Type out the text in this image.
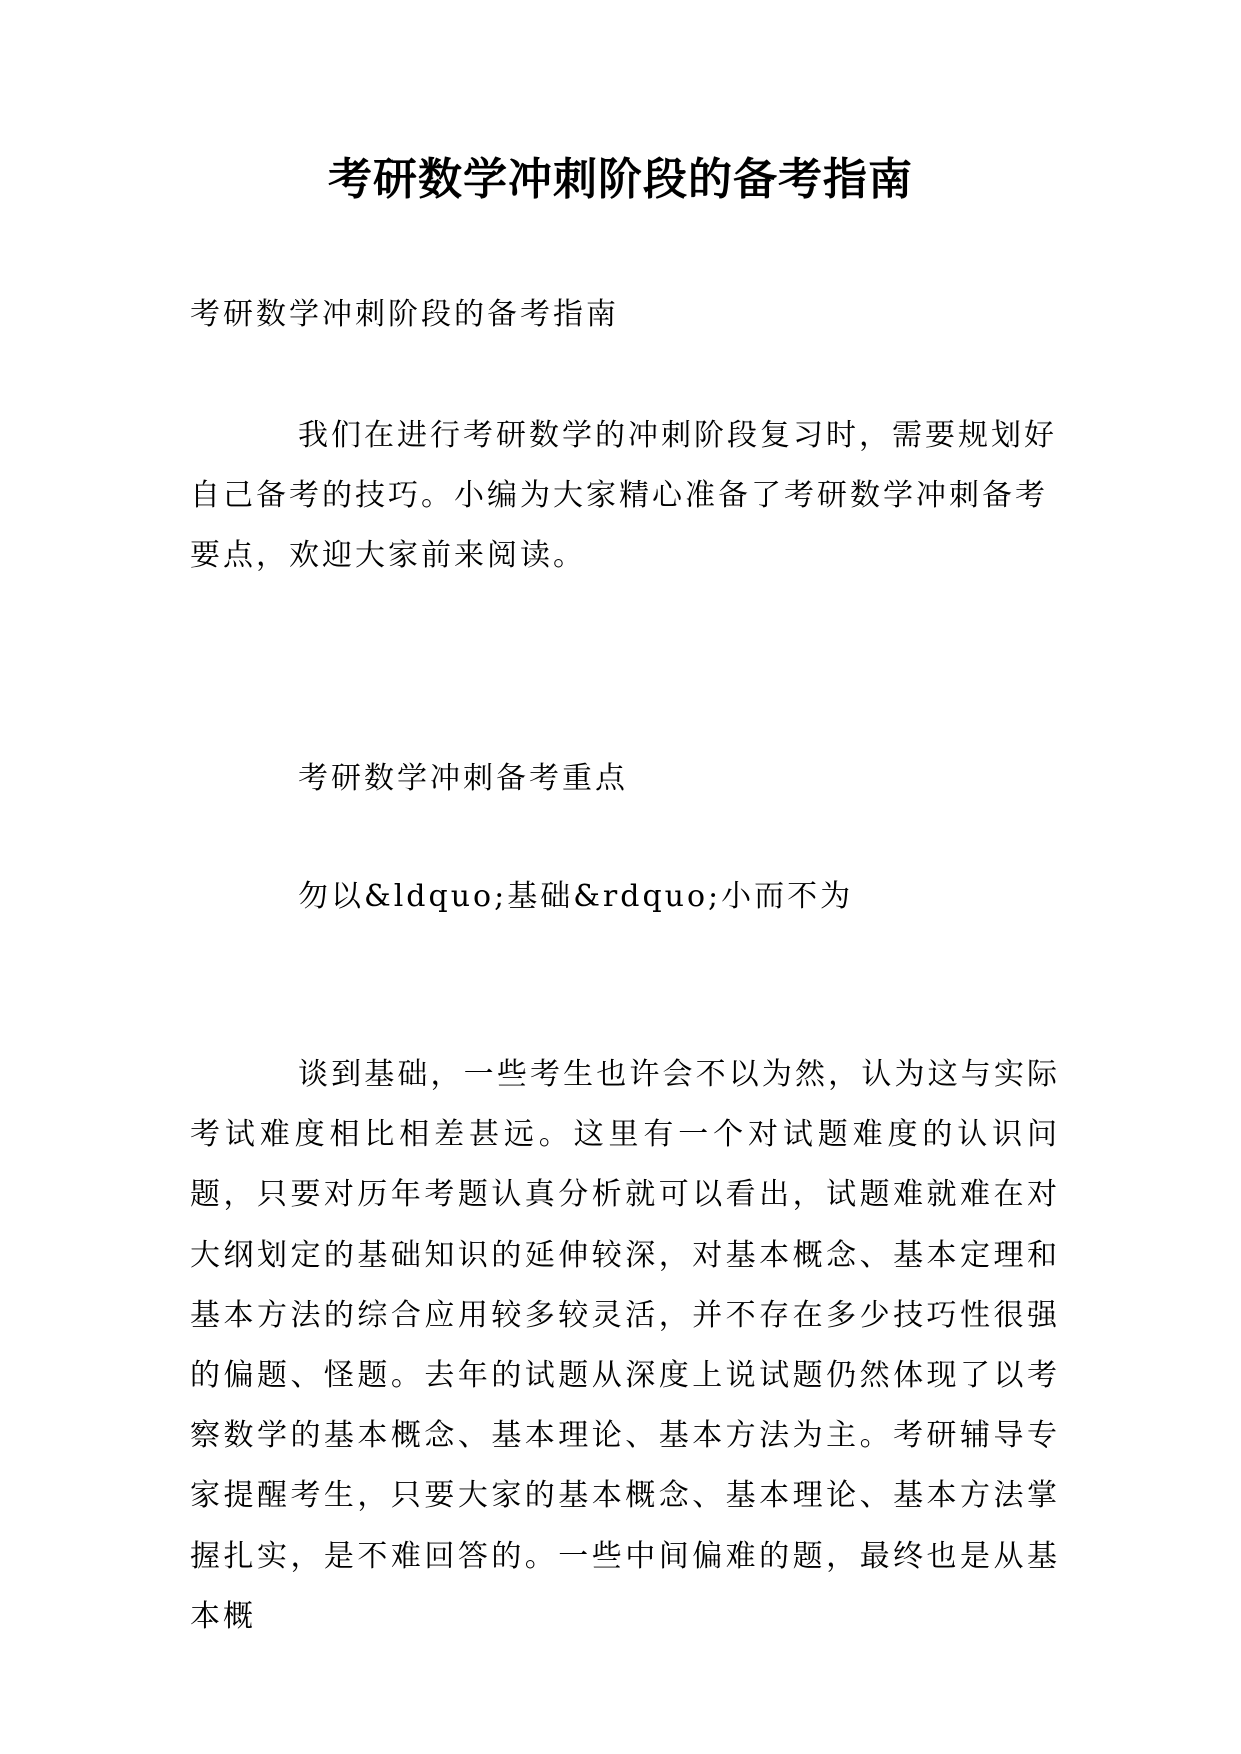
考研数学冲刺阶段的备考指南

考研数学冲刺阶段的备考指南

我们在进行考研数学的冲刺阶段复习时，需要规划好自己备考的技巧。小编为大家精心准备了考研数学冲刺备考要点，欢迎大家前来阅读。

考研数学冲刺备考重点

勿以&ldquo;基础&rdquo;小而不为

谈到基础，一些考生也许会不以为然，认为这与实际考试难度相比相差甚远。这里有一个对试题难度的认识问题，只要对历年考题认真分析就可以看出，试题难就难在对大纲划定的基础知识的延伸较深，对基本概念、基本定理和基本方法的综合应用较多较灵活，并不存在多少技巧性很强的偏题、怪题。去年的试题从深度上说试题仍然体现了以考察数学的基本概念、基本理论、基本方法为主。考研辅导专家提醒考生，只要大家的基本概念、基本理论、基本方法掌握扎实，是不难回答的。一些中间偏难的题，最终也是从基本概
